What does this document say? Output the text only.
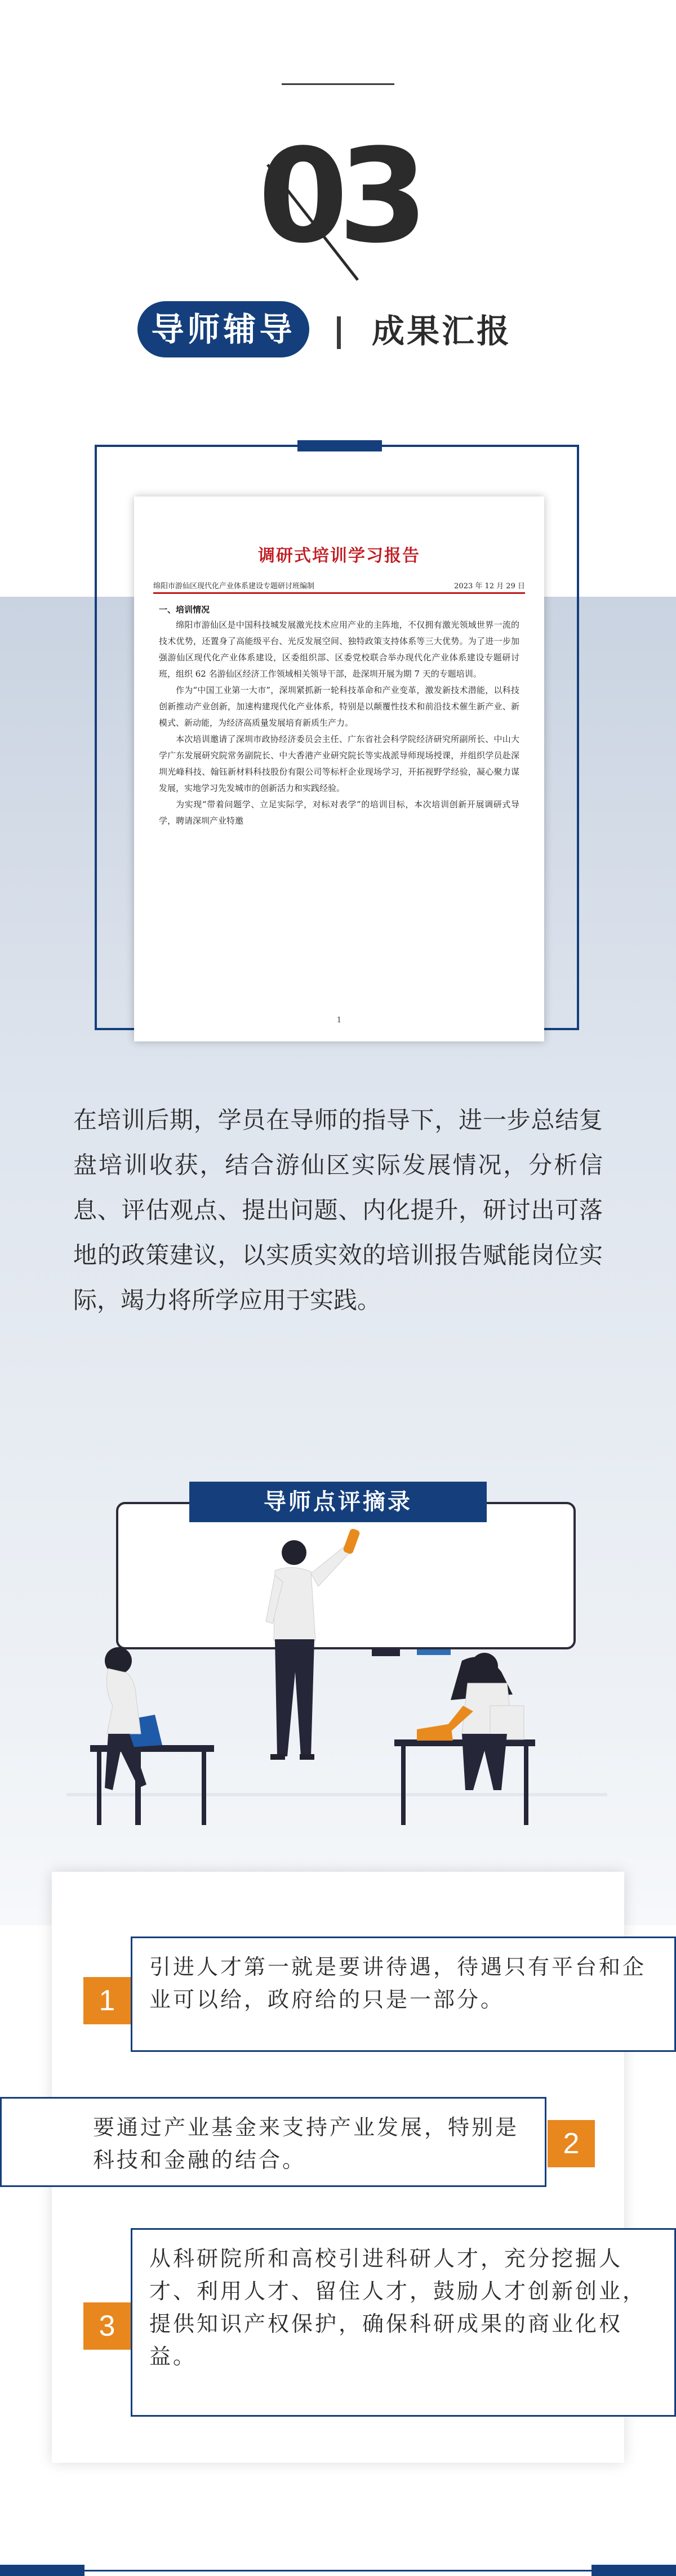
03
导师辅导	成果汇报
调研式培训学习报告
绵阳市游仙区现代化产业体系建设专题研讨班编制	2023 年 12 月 29 日
一、培训情况

绵阳市游仙区是中国科技城发展激光技术应用产业的主阵地，不仅拥有激光领域世界一流的技术优势，还置身了高能级平台、光反发展空间、独特政策支持体系等三大优势。为了进一步加强游仙区现代化产业体系建设，区委组织部、区委党校联合举办现代化产业体系建设专题研讨班，组织 62 名游仙区经济工作领域相关领导干部，赴深圳开展为期 7 天的专题培训。

作为“中国工业第一大市”，深圳紧抓新一轮科技革命和产业变革，激发新技术潜能，以科技创新推动产业创新，加速构建现代化产业体系，特别是以颠覆性技术和前沿技术催生新产业、新模式、新动能，为经济高质量发展培育新质生产力。

本次培训邀请了深圳市政协经济委员会主任、广东省社会科学院经济研究所副所长、中山大学广东发展研究院常务副院长、中大香港产业研究院长等实战派导师现场授课，并组织学员赴深圳光峰科技、翰钰新材料科技股份有限公司等标杆企业现场学习，开拓视野学经验，凝心聚力谋发展，实地学习先发城市的创新活力和实践经验。

为实现“带着问题学、立足实际学，对标对表学”的培训目标，本次培训创新开展调研式导学，聘请深圳产业特邀

1
在培训后期，学员在导师的指导下，进一步总结复盘培训收获，结合游仙区实际发展情况，分析信息、评估观点、提出问题、内化提升，研讨出可落地的政策建议，以实质实效的培训报告赋能岗位实际，竭力将所学应用于实践。
导师点评摘录
引进人才第一就是要讲待遇，待遇只有平台和企业可以给，政府给的只是一部分。
1
要通过产业基金来支持产业发展，特别是科技和金融的结合。	2
从科研院所和高校引进科研人才，充分挖掘人才、利用人才、留住人才，鼓励人才创新创业，提供知识产权保护，确保科研成果的商业化权益。
3
